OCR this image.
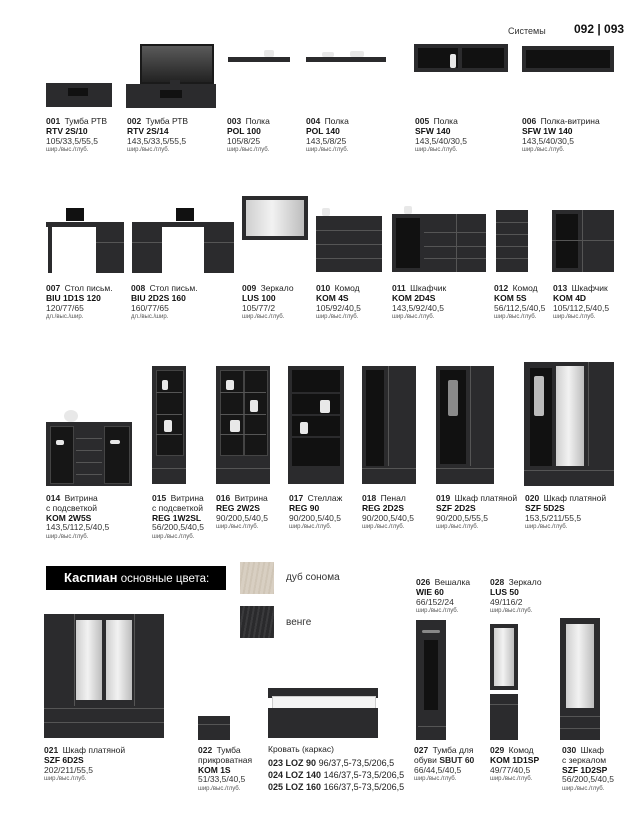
Системы 092 | 093
001 Тумба РТВ
RTV 2S/10
105/33,5/55,5
шир./выс./глуб.
002 Тумба РТВ
RTV 2S/14
143,5/33,5/55,5
шир./выс./глуб.
003 Полка
POL 100
105/8/25
шир./выс./глуб.
004 Полка
POL 140
143,5/8/25
шир./выс./глуб.
005 Полка
SFW 140
143,5/40/30,5
шир./выс./глуб.
006 Полка-витрина
SFW 1W 140
143,5/40/30,5
шир./выс./глуб.
007 Стол письм.
BIU 1D1S 120
120/77/65
дл./выс./шир.
008 Стол письм.
BIU 2D2S 160
160/77/65
дл./выс./шир.
009 Зеркало
LUS 100
105/77/2
шир./выс./глуб.
010 Комод
KOM 4S
105/92/40,5
шир./выс./глуб.
011 Шкафчик
KOM 2D4S
143,5/92/40,5
шир./выс./глуб.
012 Комод
KOM 5S
56/112,5/40,5
шир./выс./глуб.
013 Шкафчик
KOM 4D
105/112,5/40,5
шир./выс./глуб.
014 Витрина
с подсветкой
KOM 2W5S
143,5/112,5/40,5
шир./выс./глуб.
015 Витрина
с подсветкой
REG 1W2SL
56/200,5/40,5
шир./выс./глуб.
016 Витрина
REG 2W2S
90/200,5/40,5
шир./выс./глуб.
017 Стеллаж
REG 90
90/200,5/40,5
шир./выс./глуб.
018 Пенал
REG 2D2S
90/200,5/40,5
шир./выс./глуб.
019 Шкаф платяной
SZF 2D2S
90/200,5/55,5
шир./выс./глуб.
020 Шкаф платяной
SZF 5D2S
153,5/211/55,5
шир./выс./глуб.
Каспиан основные цвета:	дуб сонома
венге
021 Шкаф платяной
SZF 6D2S
202/211/55,5
шир./выс./глуб.
022 Тумба
прикроватная
KOM 1S
51/33,5/40,5
шир./выс./глуб.
Кровать (каркас)
023 LOZ 90 96/37,5-73,5/206,5
024 LOZ 140 146/37,5-73,5/206,5
025 LOZ 160 166/37,5-73,5/206,5
026 Вешалка
WIE 60
66/152/24
шир./выс./глуб.
027 Тумба для
обуви SBUT 60
66/44,5/40,5
шир./выс./глуб.
028 Зеркало
LUS 50
49/116/2
шир./выс./глуб.
029 Комод
KOM 1D1SP
49/77/40,5
шир./выс./глуб.
030 Шкаф
с зеркалом
SZF 1D2SP
56/200,5/40,5
шир./выс./глуб.
